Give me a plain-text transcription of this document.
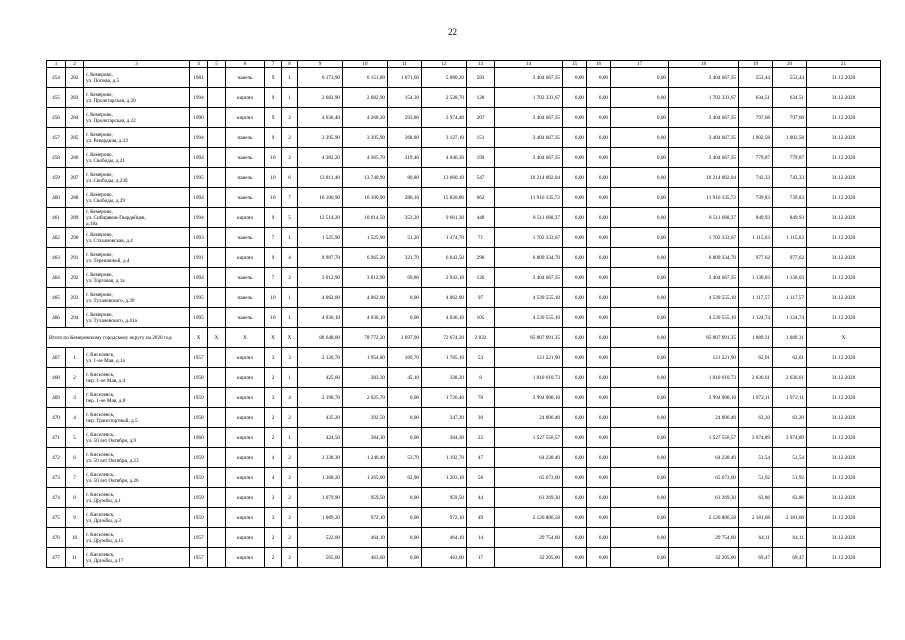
22
1	2	3	4	5	6	7	8	9	10	11	12	13	14	15	16	17	18	19	20	21
454	282	г. Кемерово,
ул. Попова, д.5	1981		панель	9	1	6 173,90	6 151,80	1 071,60	5 080,20	583	3 404 667,35	0,00	0,00	0,00	3 404 667,35	553,44	553,44	31.12.2020
455	283	г. Кемерово,
ул. Пролетарская, д.20	1994		кирпич	9	1	2 682,90	2 682,90	154,30	2 528,70	128	1 702 333,67	0,00	0,00	0,00	1 702 333,67	634,51	634,51	31.12.2020
456	284	г. Кемерово,
ул. Пролетарская, д.22	1990		кирпич	9	2	4 636,40	4 268,20	293,80	3 974,40	207	3 404 667,35	0,00	0,00	0,00	3 404 667,35	797,68	797,68	31.12.2020
457	285	г. Кемерово,
ул. Рекордная, д.33	1994		панель	9	2	3 395,90	3 395,90	268,80	3 127,10	151	3 404 667,35	0,00	0,00	0,00	3 404 667,35	1 002,58	1 002,58	31.12.2020
458	286	г. Кемерово,
ул. Свободы, д.21	1994		панель	10	2	4 382,20	4 365,70	319,40	4 046,30	199	3 404 667,35	0,00	0,00	0,00	3 404 667,35	779,87	779,87	31.12.2020
459	287	г. Кемерово,
ул. Свободы, д.23б	1995		панель	10	6	13 811,40	13 740,90	80,80	13 660,10	547	10 214 002,04	0,00	0,00	0,00	10 214 002,04	743,33	743,33	31.12.2020
460	288	г. Кемерово,
ул. Свободы, д.29	1994		панель	10	7	16 106,90	16 106,90	286,10	15 820,80	662	11 916 335,72	0,00	0,00	0,00	11 916 335,72	739,83	739,83	31.12.2020
461	289	г. Кемерово,
ул. Сибиряков-Гвардейцев,
д.18а	1994		кирпич	9	5	12 514,20	10 014,50	353,20	9 661,30	448	8 511 668,37	0,00	0,00	0,00	8 511 668,37	849,93	849,93	31.12.2020
462	290	г. Кемерово,
ул. Стахановская, д.4	1993		панель	7	1	1 525,90	1 525,90	51,20	1 474,70	71	1 702 333,67	0,00	0,00	0,00	1 702 333,67	1 115,63	1 115,63	31.12.2020
463	291	г. Кемерово,
ул. Терешковой, д.4	1991		кирпич	9	4	8 987,70	6 965,20	321,70	6 643,50	298	6 809 334,70	0,00	0,00	0,00	6 809 334,70	977,62	977,62	31.12.2020
464	292	г. Кемерово,
ул. Торговая, д.1а	1994		панель	7	2	3 012,90	3 012,90	69,80	2 943,10	126	3 404 667,35	0,00	0,00	0,00	3 404 667,35	1 130,03	1 130,03	31.12.2020
465	293	г. Кемерово,
ул. Тухачевского, д.39	1995		панель	10	1	4 062,00	4 062,00	0,00	4 062,00	97	4 539 555,10	0,00	0,00	0,00	4 539 555,10	1 117,57	1 117,57	31.12.2020
466	294	г. Кемерово,
ул. Тухачевского, д.41а	1995		панель	10	1	4 036,10	4 036,10	0,00	4 036,10	105	4 539 555,10	0,00	0,00	0,00	4 539 555,10	1 124,74	1 124,74	31.12.2020
Итого по Кемеровскому городскому округу на 2020 год:			X	X	X	X	X	88 648,00	78 772,20	1 697,90	72 674,20	2 832	85 807 091,35	0,00	0,00	0,00	85 807 091,35	1 089,31	1 089,31	X
467	1	г. Киселевск,
ул. 1-ое Мая, д.1а	1957		кирпич	3	3	2 126,70	1 954,80	169,70	1 785,10	53	121 221,90	0,00	0,00	0,00	121 221,90	62,01	62,01	31.12.2020
468	2	г. Киселевск,
пер. 1-ое Мая, д.4	1958		кирпич	2	1	425,60	383,30	45,10	338,20	8	1 010 610,73	0,00	0,00	0,00	1 010 610,73	2 636,61	2 636,61	31.12.2020
469	3	г. Киселевск,
пер. 1-ое Мая, д.8	1959		кирпич	3	4	2 198,70	2 025,70	0,00	1 726,40	70	3 994 900,10	0,00	0,00	0,00	3 994 900,10	1 972,11	1 972,11	31.12.2020
470	4	г. Киселевск,
пер. Транспортный, д.5	1958		кирпич	2	2	435,20	392,50	0,00	347,20	30	24 806,40	0,00	0,00	0,00	24 806,40	63,20	63,20	31.12.2020
471	5	г. Киселевск,
ул. 50 лет Октября, д.9	1960		кирпич	2	1	424,50	384,30	0,00	384,30	22	1 527 550,57	0,00	0,00	0,00	1 527 550,57	3 974,89	3 974,89	31.12.2020
472	6	г. Киселевск,
ул. 50 лет Октября, д.23	1959		кирпич	4	2	1 338,30	1 246,40	53,70	1 192,70	47	64 238,40	0,00	0,00	0,00	64 238,40	51,54	51,54	31.12.2020
473	7	г. Киселевск,
ул. 50 лет Октября, д.26	1959		кирпич	4	2	1 368,20	1 265,00	62,90	1 203,10	58	65 673,60	0,00	0,00	0,00	65 673,60	51,92	51,92	31.12.2020
474	8	г. Киселевск,
ул. Дружбы, д.1	1959		кирпич	3	2	1 079,90	959,50	0,00	959,50	44	61 269,30	0,00	0,00	0,00	61 269,30	63,86	63,86	31.12.2020
475	9	г. Киселевск,
ул. Дружбы, д.3	1959		кирпич	3	2	1 089,20	972,10	0,00	972,10	49	2 120 806,58	0,00	0,00	0,00	2 120 806,58	2 181,68	2 181,68	31.12.2020
476	10	г. Киселевск,
ул. Дружбы, д.15	1957		кирпич	2	2	522,00	464,10	0,00	464,10	14	29 754,60	0,00	0,00	0,00	29 754,60	64,11	64,11	31.12.2020
477	11	г. Киселевск,
ул. Дружбы, д.17	1957		кирпич	2	2	565,00	463,60	0,00	463,60	17	32 205,00	0,00	0,00	0,00	32 205,00	69,47	69,47	31.12.2020
